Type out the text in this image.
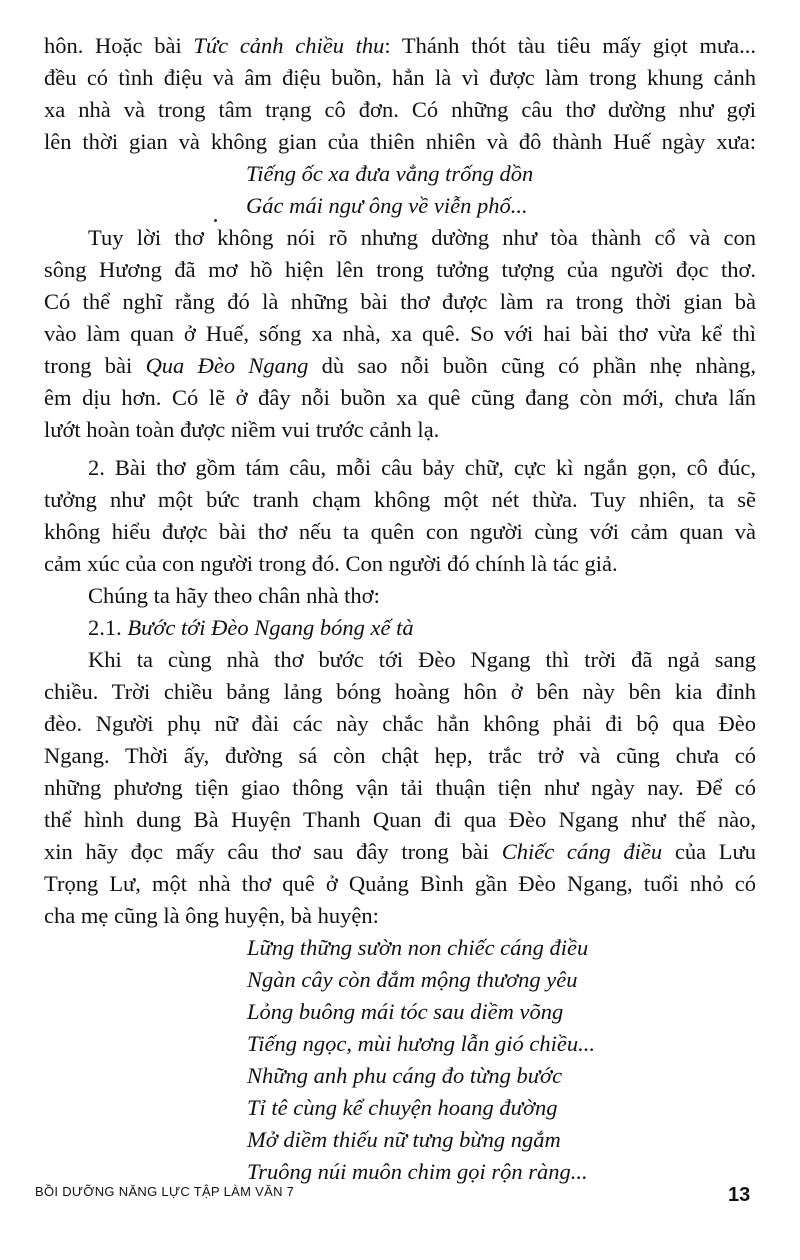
hôn. Hoặc bài Tức cảnh chiều thu: Thánh thót tàu tiêu mấy giọt mưa...
đều có tình điệu và âm điệu buồn, hẳn là vì được làm trong khung cảnh
xa nhà và trong tâm trạng cô đơn. Có những câu thơ dường như gợi
lên thời gian và không gian của thiên nhiên và đô thành Huế ngày xưa:
Tiếng ốc xa đưa vẳng trống dồn
Gác mái ngư ông về viễn phố...
Tuy lời thơ không nói rõ nhưng dường như tòa thành cổ và con
sông Hương đã mơ hồ hiện lên trong tưởng tượng của người đọc thơ.
Có thể nghĩ rằng đó là những bài thơ được làm ra trong thời gian bà
vào làm quan ở Huế, sống xa nhà, xa quê. So với hai bài thơ vừa kể thì
trong bài Qua Đèo Ngang dù sao nỗi buồn cũng có phần nhẹ nhàng,
êm dịu hơn. Có lẽ ở đây nỗi buồn xa quê cũng đang còn mới, chưa lấn
lướt hoàn toàn được niềm vui trước cảnh lạ.
2. Bài thơ gồm tám câu, mỗi câu bảy chữ, cực kì ngắn gọn, cô đúc,
tưởng như một bức tranh chạm không một nét thừa. Tuy nhiên, ta sẽ
không hiểu được bài thơ nếu ta quên con người cùng với cảm quan và
cảm xúc của con người trong đó. Con người đó chính là tác giả.
Chúng ta hãy theo chân nhà thơ:
2.1. Bước tới Đèo Ngang bóng xế tà
Khi ta cùng nhà thơ bước tới Đèo Ngang thì trời đã ngả sang
chiều. Trời chiều bảng lảng bóng hoàng hôn ở bên này bên kia đỉnh
đèo. Người phụ nữ đài các này chắc hẳn không phải đi bộ qua Đèo
Ngang. Thời ấy, đường sá còn chật hẹp, trắc trở và cũng chưa có
những phương tiện giao thông vận tải thuận tiện như ngày nay. Để có
thể hình dung Bà Huyện Thanh Quan đi qua Đèo Ngang như thế nào,
xin hãy đọc mấy câu thơ sau đây trong bài Chiếc cáng điều của Lưu
Trọng Lư, một nhà thơ quê ở Quảng Bình gần Đèo Ngang, tuổi nhỏ có
cha mẹ cũng là ông huyện, bà huyện:
Lững thững sườn non chiếc cáng điều
Ngàn cây còn đắm mộng thương yêu
Lỏng buông mái tóc sau diềm võng
Tiếng ngọc, mùi hương lẫn gió chiều...
Những anh phu cáng đo từng bước
Tỉ tê cùng kể chuyện hoang đường
Mở diềm thiếu nữ tưng bừng ngắm
Truông núi muôn chim gọi rộn ràng...
BỒI DƯỠNG NĂNG LỰC TẬP LÀM VĂN 7	13
